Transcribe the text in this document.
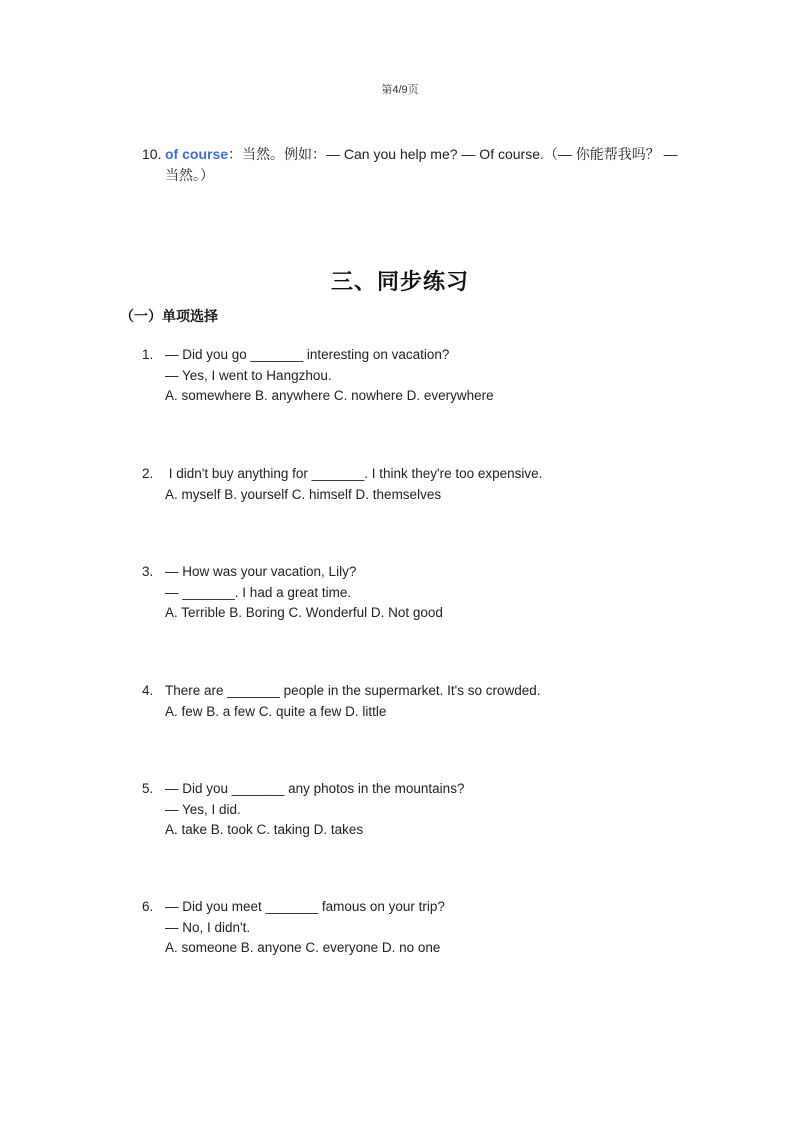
第4/9页
10. of course：当然。例如：— Can you help me? — Of course.（— 你能帮我吗？ —
当然。）
三、同步练习
（一）单项选择
1. — Did you go _______ interesting on vacation?
— Yes, I went to Hangzhou.
A. somewhere B. anywhere C. nowhere D. everywhere
2. I didn't buy anything for _______. I think they're too expensive.
A. myself B. yourself C. himself D. themselves
3. — How was your vacation, Lily?
— _______. I had a great time.
A. Terrible B. Boring C. Wonderful D. Not good
4. There are _______ people in the supermarket. It's so crowded.
A. few B. a few C. quite a few D. little
5. — Did you _______ any photos in the mountains?
— Yes, I did.
A. take B. took C. taking D. takes
6. — Did you meet _______ famous on your trip?
— No, I didn't.
A. someone B. anyone C. everyone D. no one
